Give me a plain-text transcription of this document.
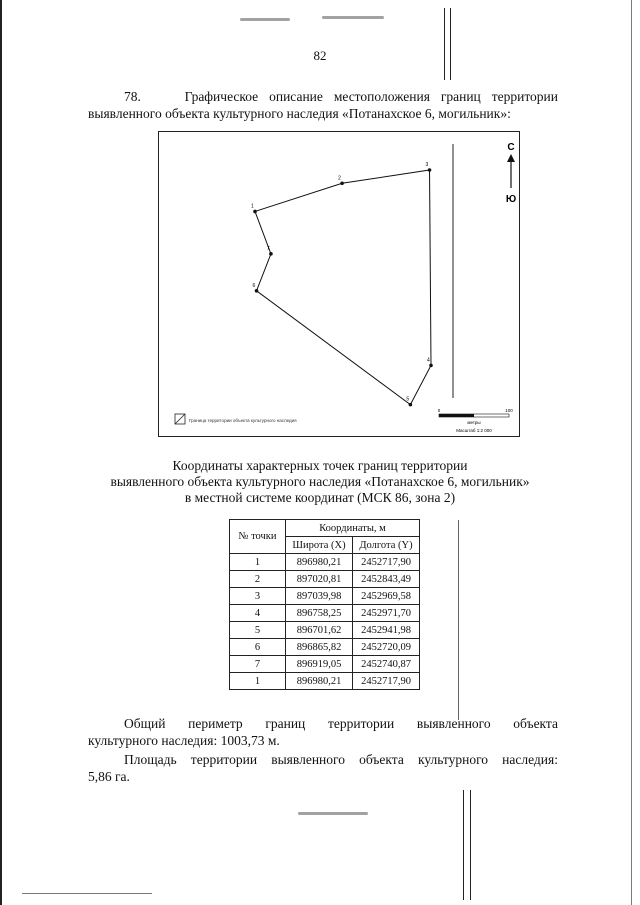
82
78.	Графическое описание местоположения границ территории
выявленного объекта культурного наследия «Потанахское 6, могильник»:
С
Ю
1
2
3
4
5
6
7
Граница территории объекта культурного наследия
0	100
метры
Масштаб 1:2 000
Координаты характерных точек границ территории
выявленного объекта культурного наследия «Потанахское 6, могильник»
в местной системе координат (МСК 86, зона 2)
№ точки	Координаты, м	
	Широта (X)	Долгота (Y)
1	896980,21	2452717,90
2	897020,81	2452843,49
3	897039,98	2452969,58
4	896758,25	2452971,70
5	896701,62	2452941,98
6	896865,82	2452720,09
7	896919,05	2452740,87
1	896980,21	2452717,90
Общий периметр границ территории выявленного объекта
культурного наследия: 1003,73 м.
Площадь территории выявленного объекта культурного наследия:
5,86 га.
